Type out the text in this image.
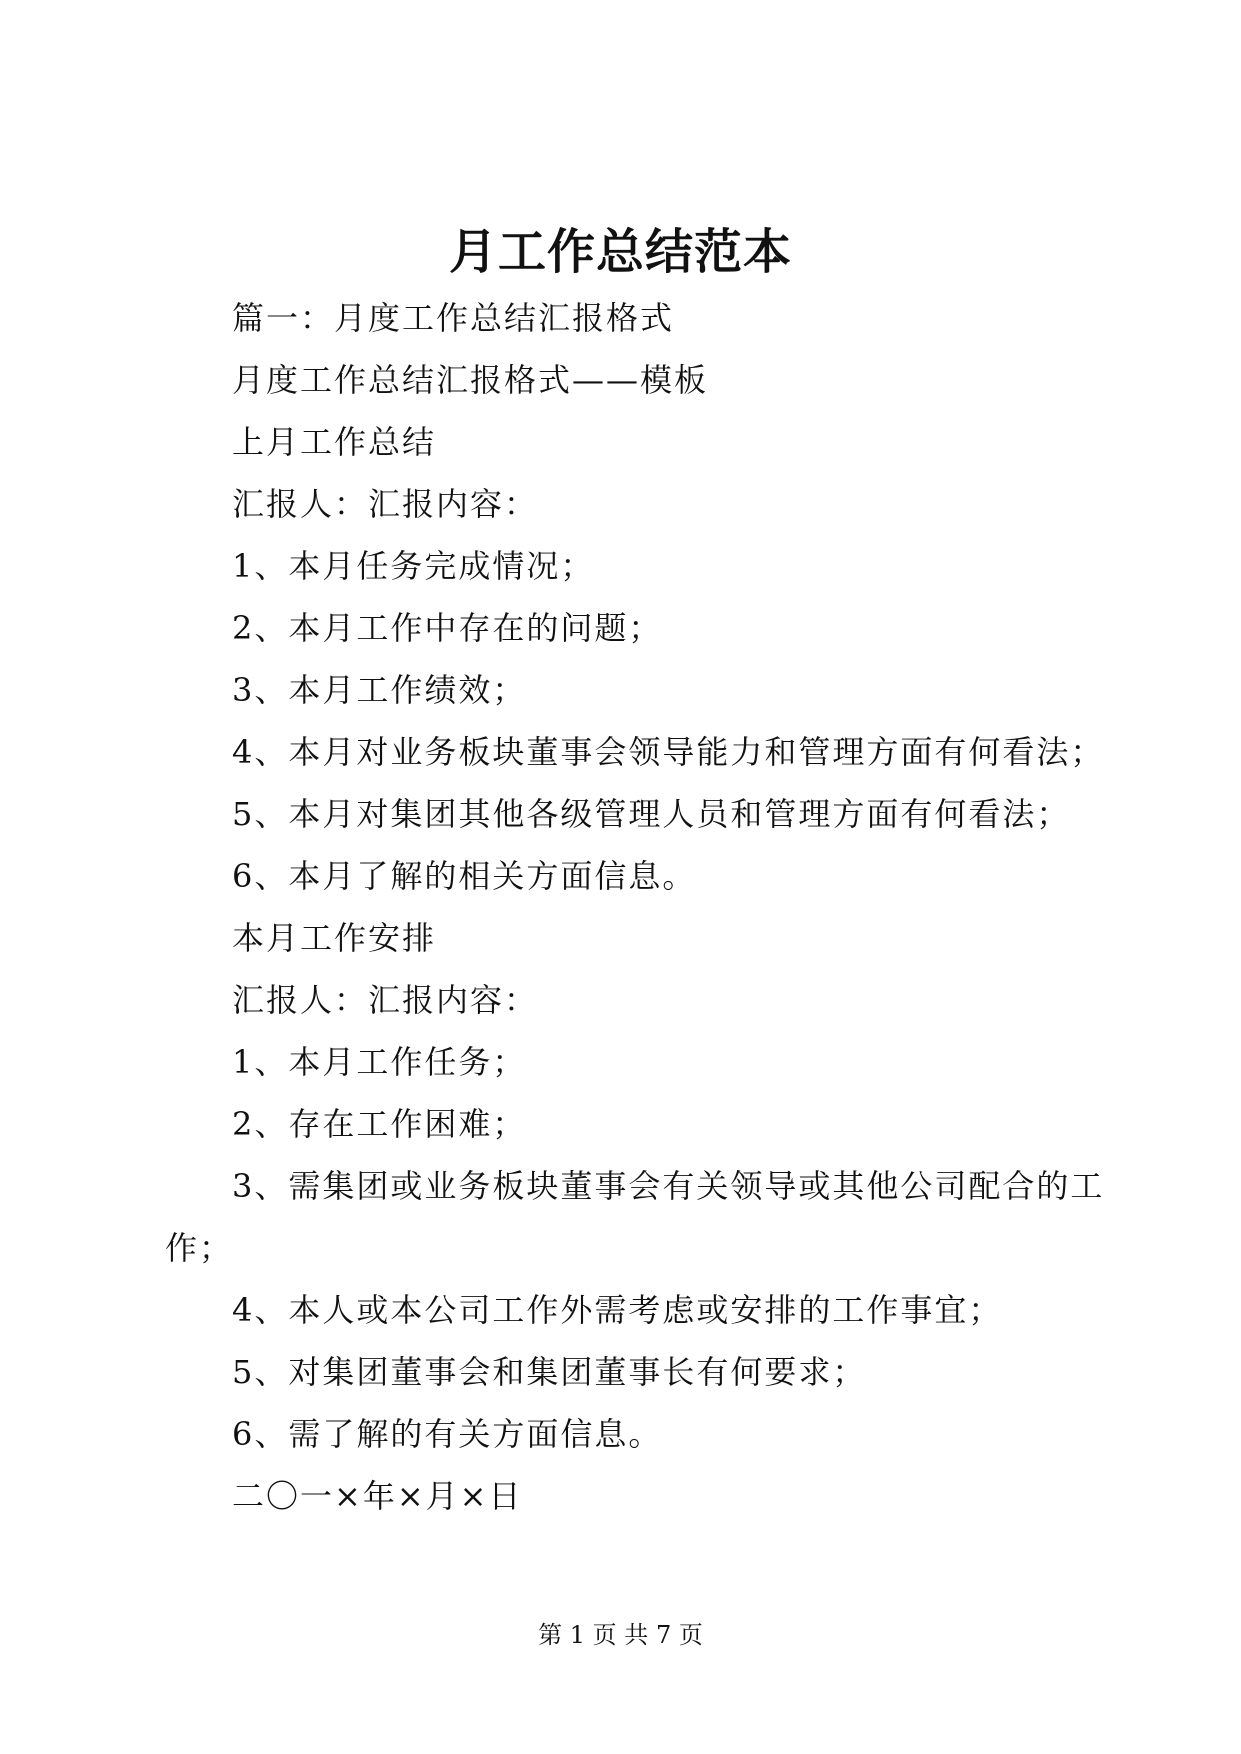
月工作总结范本
篇一：月度工作总结汇报格式
月度工作总结汇报格式——模板
上月工作总结
汇报人：汇报内容：
1、本月任务完成情况；
2、本月工作中存在的问题；
3、本月工作绩效；
4、本月对业务板块董事会领导能力和管理方面有何看法；
5、本月对集团其他各级管理人员和管理方面有何看法；
6、本月了解的相关方面信息。
本月工作安排
汇报人：汇报内容：
1、本月工作任务；
2、存在工作困难；
3、需集团或业务板块董事会有关领导或其他公司配合的工
作；
4、本人或本公司工作外需考虑或安排的工作事宜；
5、对集团董事会和集团董事长有何要求；
6、需了解的有关方面信息。
二〇一×年×月×日
第 1 页 共 7 页
